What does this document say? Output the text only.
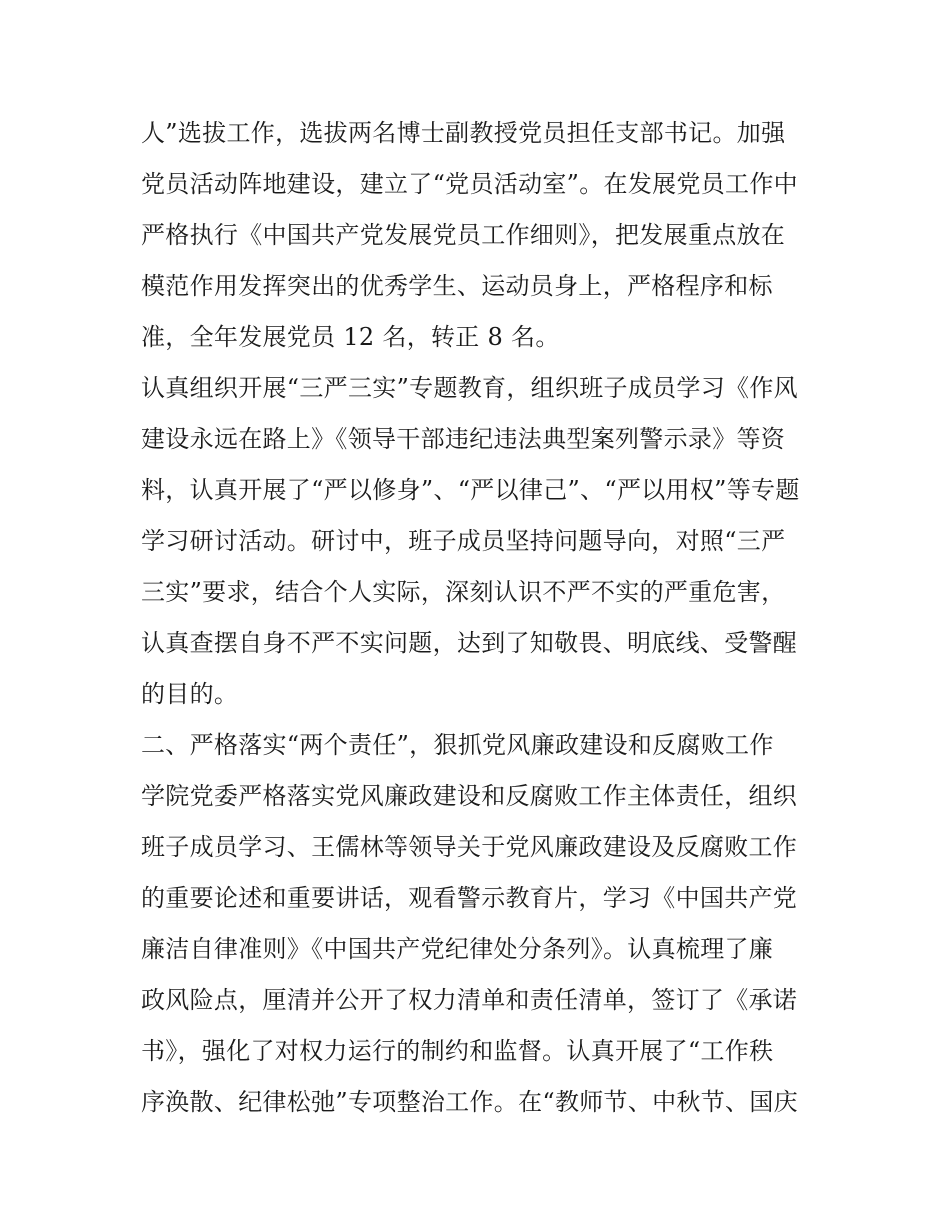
人”选拔工作，选拔两名博士副教授党员担任支部书记。加强
党员活动阵地建设，建立了“党员活动室”。在发展党员工作中
严格执行《中国共产党发展党员工作细则》，把发展重点放在
模范作用发挥突出的优秀学生、运动员身上，严格程序和标
准，全年发展党员 12 名，转正 8 名。
认真组织开展“三严三实”专题教育，组织班子成员学习《作风
建设永远在路上》《领导干部违纪违法典型案列警示录》等资
料，认真开展了“严以修身”、“严以律己”、“严以用权”等专题
学习研讨活动。研讨中，班子成员坚持问题导向，对照“三严
三实”要求，结合个人实际，深刻认识不严不实的严重危害，
认真查摆自身不严不实问题，达到了知敬畏、明底线、受警醒
的目的。
二、严格落实“两个责任”，狠抓党风廉政建设和反腐败工作
学院党委严格落实党风廉政建设和反腐败工作主体责任，组织
班子成员学习、王儒林等领导关于党风廉政建设及反腐败工作
的重要论述和重要讲话，观看警示教育片，学习《中国共产党
廉洁自律准则》《中国共产党纪律处分条列》。认真梳理了廉
政风险点，厘清并公开了权力清单和责任清单，签订了《承诺
书》，强化了对权力运行的制约和监督。认真开展了“工作秩
序涣散、纪律松弛”专项整治工作。在“教师节、中秋节、国庆
